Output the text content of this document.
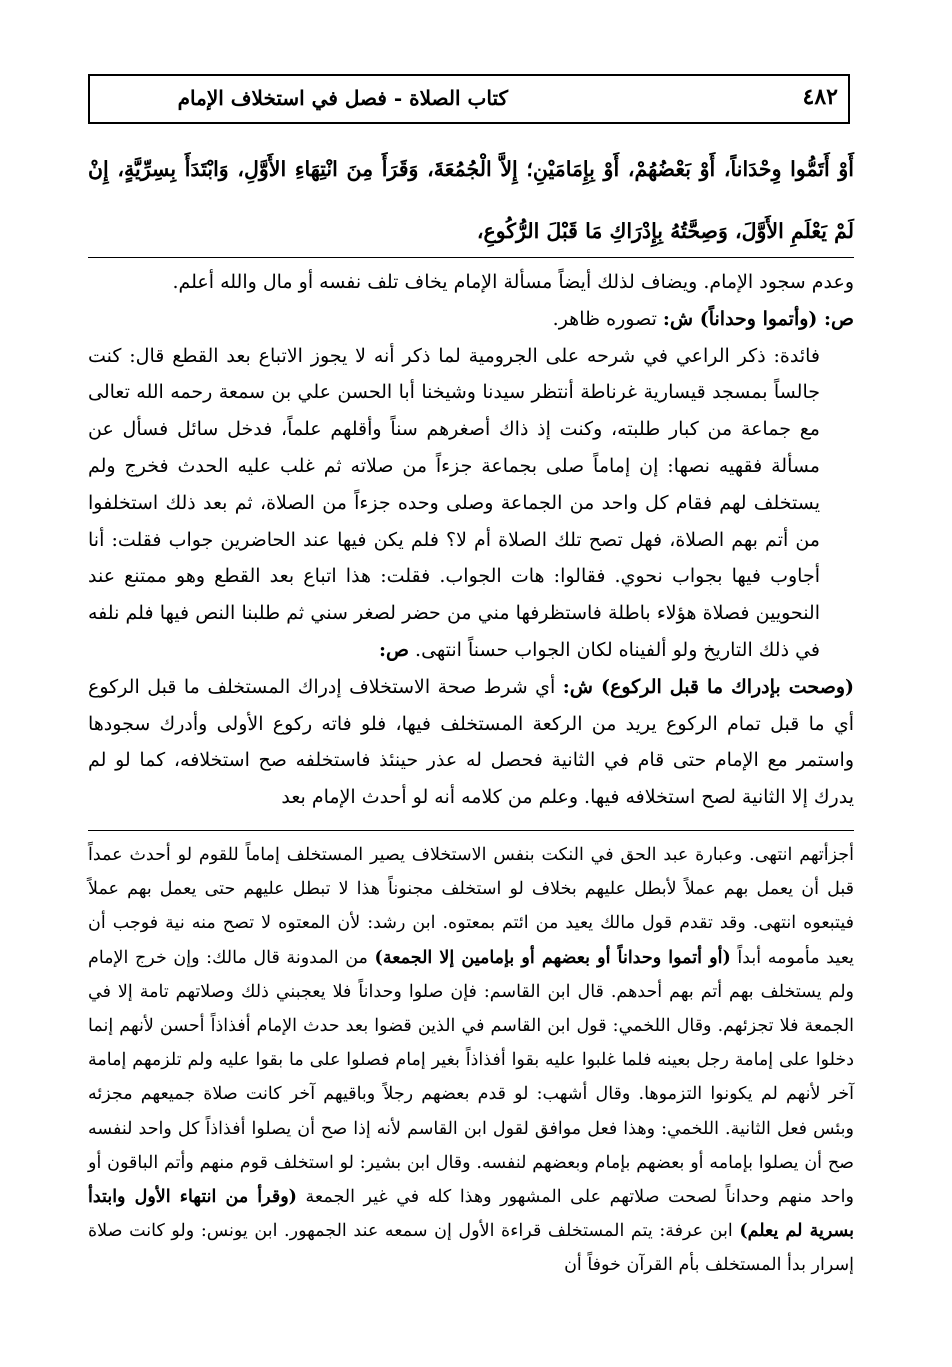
كتاب الصلاة - فصل في استخلاف الإمام	٤٨٢
أَوْ أَتَمُّوا وِحْدَاناً، أَوْ بَعْضُهُمْ، أَوْ بِإِمَامَيْنِ؛ إِلاَّ الْجُمُعَةَ، وَقَرَأَ مِنَ انْتِهَاءِ الأَوَّلِ، وَابْتَدَأَ بِسِرِّيَّةٍ، إِنْ لَمْ يَعْلَمِ الأَوَّلَ، وَصِحَّتُهُ بِإِدْرَاكِ مَا قَبْلَ الرُّكُوعِ،

وعدم سجود الإمام. ويضاف لذلك أيضاً مسألة الإمام يخاف تلف نفسه أو مال والله أعلم.

ص: (وأتموا وحداناً) ش: تصوره ظاهر.

فائدة: ذكر الراعي في شرحه على الجرومية لما ذكر أنه لا يجوز الاتباع بعد القطع قال: كنت جالساً بمسجد قيسارية غرناطة أنتظر سيدنا وشيخنا أبا الحسن علي بن سمعة رحمه الله تعالى مع جماعة من كبار طلبته، وكنت إذ ذاك أصغرهم سناً وأقلهم علماً، فدخل سائل فسأل عن مسألة فقهيه نصها: إن إماماً صلى بجماعة جزءاً من صلاته ثم غلب عليه الحدث فخرج ولم يستخلف لهم فقام كل واحد من الجماعة وصلى وحده جزءاً من الصلاة، ثم بعد ذلك استخلفوا من أتم بهم الصلاة، فهل تصح تلك الصلاة أم لا؟ فلم يكن فيها عند الحاضرين جواب فقلت: أنا أجاوب فيها بجواب نحوي. فقالوا: هات الجواب. فقلت: هذا اتباع بعد القطع وهو ممتنع عند النحويين فصلاة هؤلاء باطلة فاستظرفها مني من حضر لصغر سني ثم طلبنا النص فيها فلم نلفه في ذلك التاريخ ولو ألفيناه لكان الجواب حسناً انتهى. ص:

(وصحت بإدراك ما قبل الركوع) ش: أي شرط صحة الاستخلاف إدراك المستخلف ما قبل الركوع أي ما قبل تمام الركوع يريد من الركعة المستخلف فيها، فلو فاته ركوع الأولى وأدرك سجودها واستمر مع الإمام حتى قام في الثانية فحصل له عذر حينئذ فاستخلفه صح استخلافه، كما لو لم يدرك إلا الثانية لصح استخلافه فيها. وعلم من كلامه أنه لو أحدث الإمام بعد

أجزأتهم انتهى. وعبارة عبد الحق في النكت بنفس الاستخلاف يصير المستخلف إماماً للقوم لو أحدث عمداً قبل أن يعمل بهم عملاً لأبطل عليهم بخلاف لو استخلف مجنوناً هذا لا تبطل عليهم حتى يعمل بهم عملاً فيتبعوه انتهى. وقد تقدم قول مالك يعيد من ائتم بمعتوه. ابن رشد: لأن المعتوه لا تصح منه نية فوجب أن يعيد مأمومه أبداً (أو أتموا وحداناً أو بعضهم أو بإمامين إلا الجمعة) من المدونة قال مالك: وإن خرج الإمام ولم يستخلف بهم أتم بهم أحدهم. قال ابن القاسم: فإن صلوا وحداناً فلا يعجبني ذلك وصلاتهم تامة إلا في الجمعة فلا تجزئهم. وقال اللخمي: قول ابن القاسم في الذين قضوا بعد حدث الإمام أفذاذاً أحسن لأنهم إنما دخلوا على إمامة رجل بعينه فلما غلبوا عليه بقوا أفذاذاً بغير إمام فصلوا على ما بقوا عليه ولم تلزمهم إمامة آخر لأنهم لم يكونوا التزموها. وقال أشهب: لو قدم بعضهم رجلاً وباقيهم آخر كانت صلاة جميعهم مجزئه وبئس فعل الثانية. اللخمي: وهذا فعل موافق لقول ابن القاسم لأنه إذا صح أن يصلوا أفذاذاً كل واحد لنفسه صح أن يصلوا بإمامه أو بعضهم بإمام وبعضهم لنفسه. وقال ابن بشير: لو استخلف قوم منهم وأتم الباقون أو واحد منهم وحداناً لصحت صلاتهم على المشهور وهذا كله في غير الجمعة (وقرأ من انتهاء الأول وابتدأ بسرية لم يعلم) ابن عرفة: يتم المستخلف قراءة الأول إن سمعه عند الجمهور. ابن يونس: ولو كانت صلاة إسرار بدأ المستخلف بأم القرآن خوفاً أن
